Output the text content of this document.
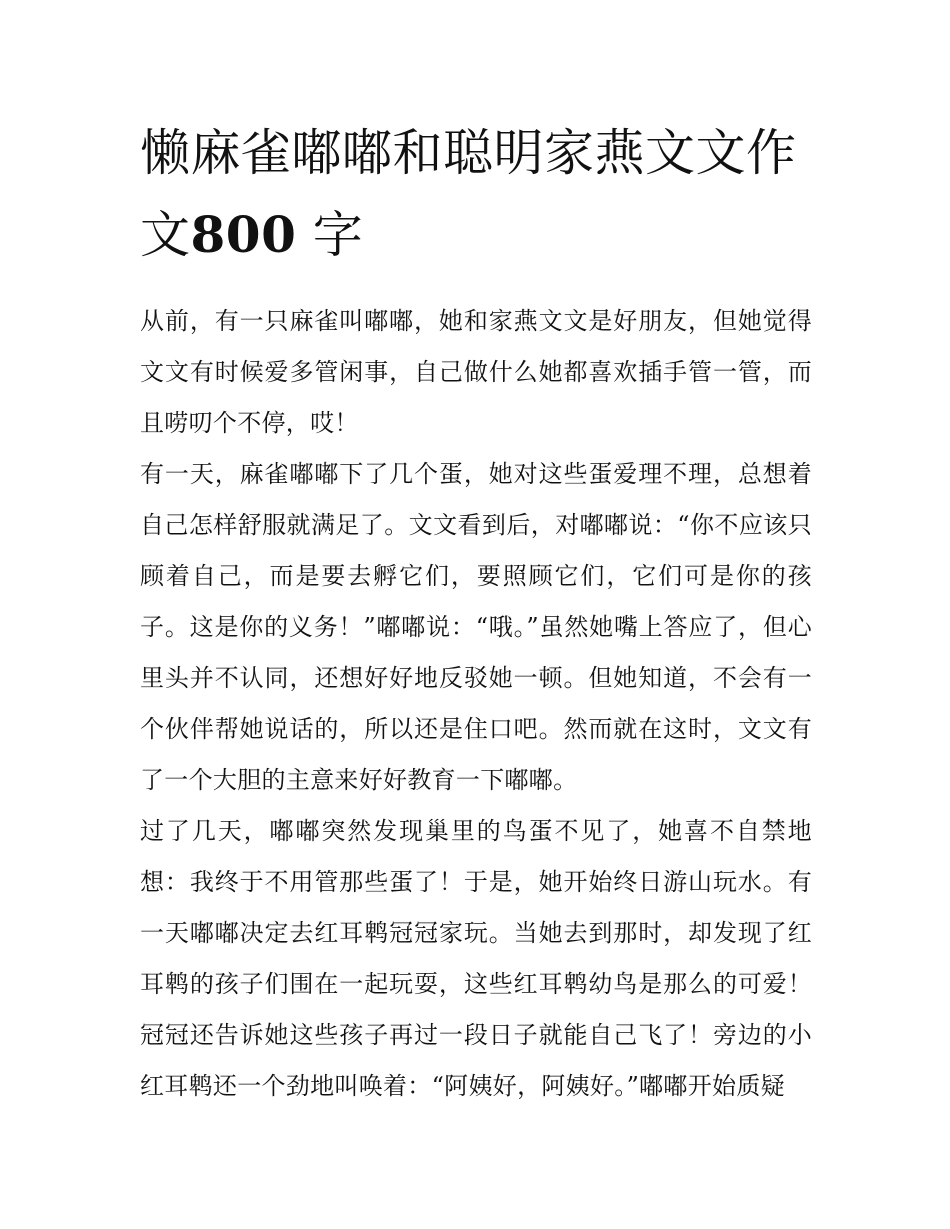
懒麻雀嘟嘟和聪明家燕文文作文800 字

从前，有一只麻雀叫嘟嘟，她和家燕文文是好朋友，但她觉得文文有时候爱多管闲事，自己做什么她都喜欢插手管一管，而且唠叨个不停，哎！

有一天，麻雀嘟嘟下了几个蛋，她对这些蛋爱理不理，总想着自己怎样舒服就满足了。文文看到后，对嘟嘟说：“你不应该只顾着自己，而是要去孵它们，要照顾它们，它们可是你的孩子。这是你的义务！”嘟嘟说：“哦。”虽然她嘴上答应了，但心里头并不认同，还想好好地反驳她一顿。但她知道，不会有一个伙伴帮她说话的，所以还是住口吧。然而就在这时，文文有了一个大胆的主意来好好教育一下嘟嘟。

过了几天，嘟嘟突然发现巢里的鸟蛋不见了，她喜不自禁地想：我终于不用管那些蛋了！于是，她开始终日游山玩水。有一天嘟嘟决定去红耳鹎冠冠家玩。当她去到那时，却发现了红耳鹎的孩子们围在一起玩耍，这些红耳鹎幼鸟是那么的可爱！冠冠还告诉她这些孩子再过一段日子就能自己飞了！旁边的小红耳鹎还一个劲地叫唤着：“阿姨好，阿姨好。”嘟嘟开始质疑
